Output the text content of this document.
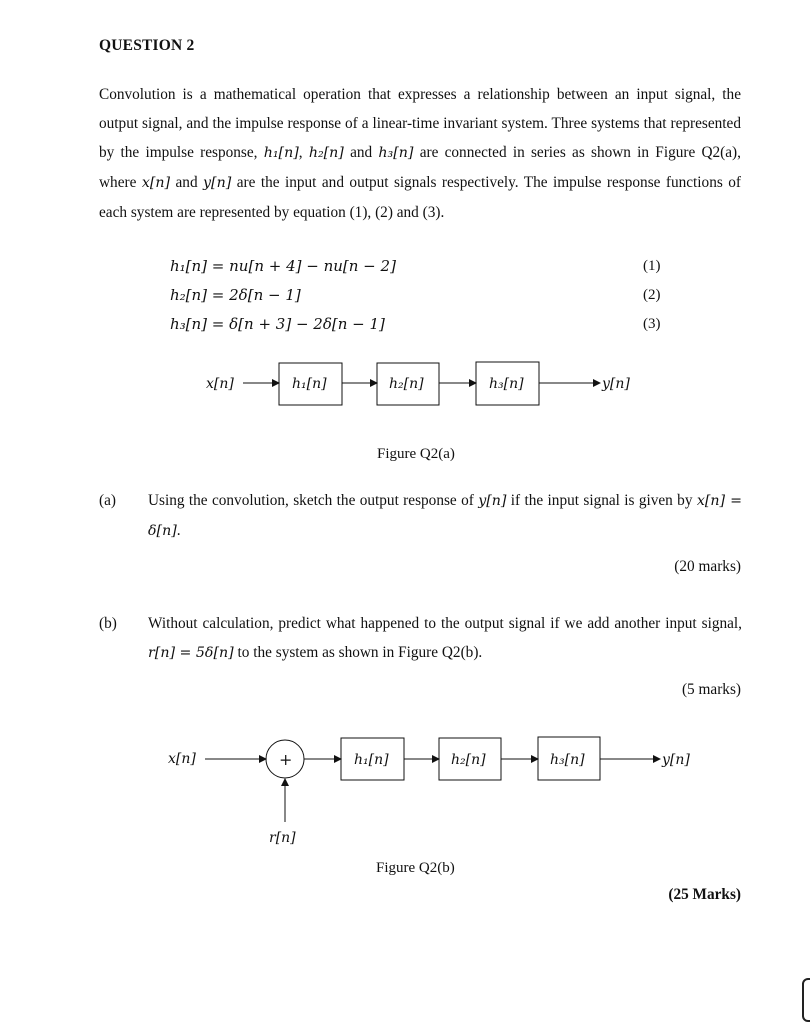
QUESTION 2

Convolution is a mathematical operation that expresses a relationship between an input signal, the output signal, and the impulse response of a linear-time invariant system. Three systems that represented by the impulse response, h₁[n], h₂[n] and h₃[n] are connected in series as shown in Figure Q2(a), where x[n] and y[n] are the input and output signals respectively. The impulse response functions of each system are represented by equation (1), (2) and (3).

h₁[n] = nu[n + 4] − nu[n − 2]	(1)
h₂[n] = 2δ[n − 1]	(2)
h₃[n] = δ[n + 3] − 2δ[n − 1]	(3)
x[n]	h₁[n]	h₂[n]	h₃[n]	y[n]
Figure Q2(a)
(a) Using the convolution, sketch the output response of y[n] if the input signal is given by x[n] = δ[n].

(20 marks)
(b) Without calculation, predict what happened to the output signal if we add another input signal, r[n] = 5δ[n] to the system as shown in Figure Q2(b).

(5 marks)
x[n]	+
r[n]
h₁[n]	h₂[n]	h₃[n]	y[n]
Figure Q2(b)
(25 Marks)
